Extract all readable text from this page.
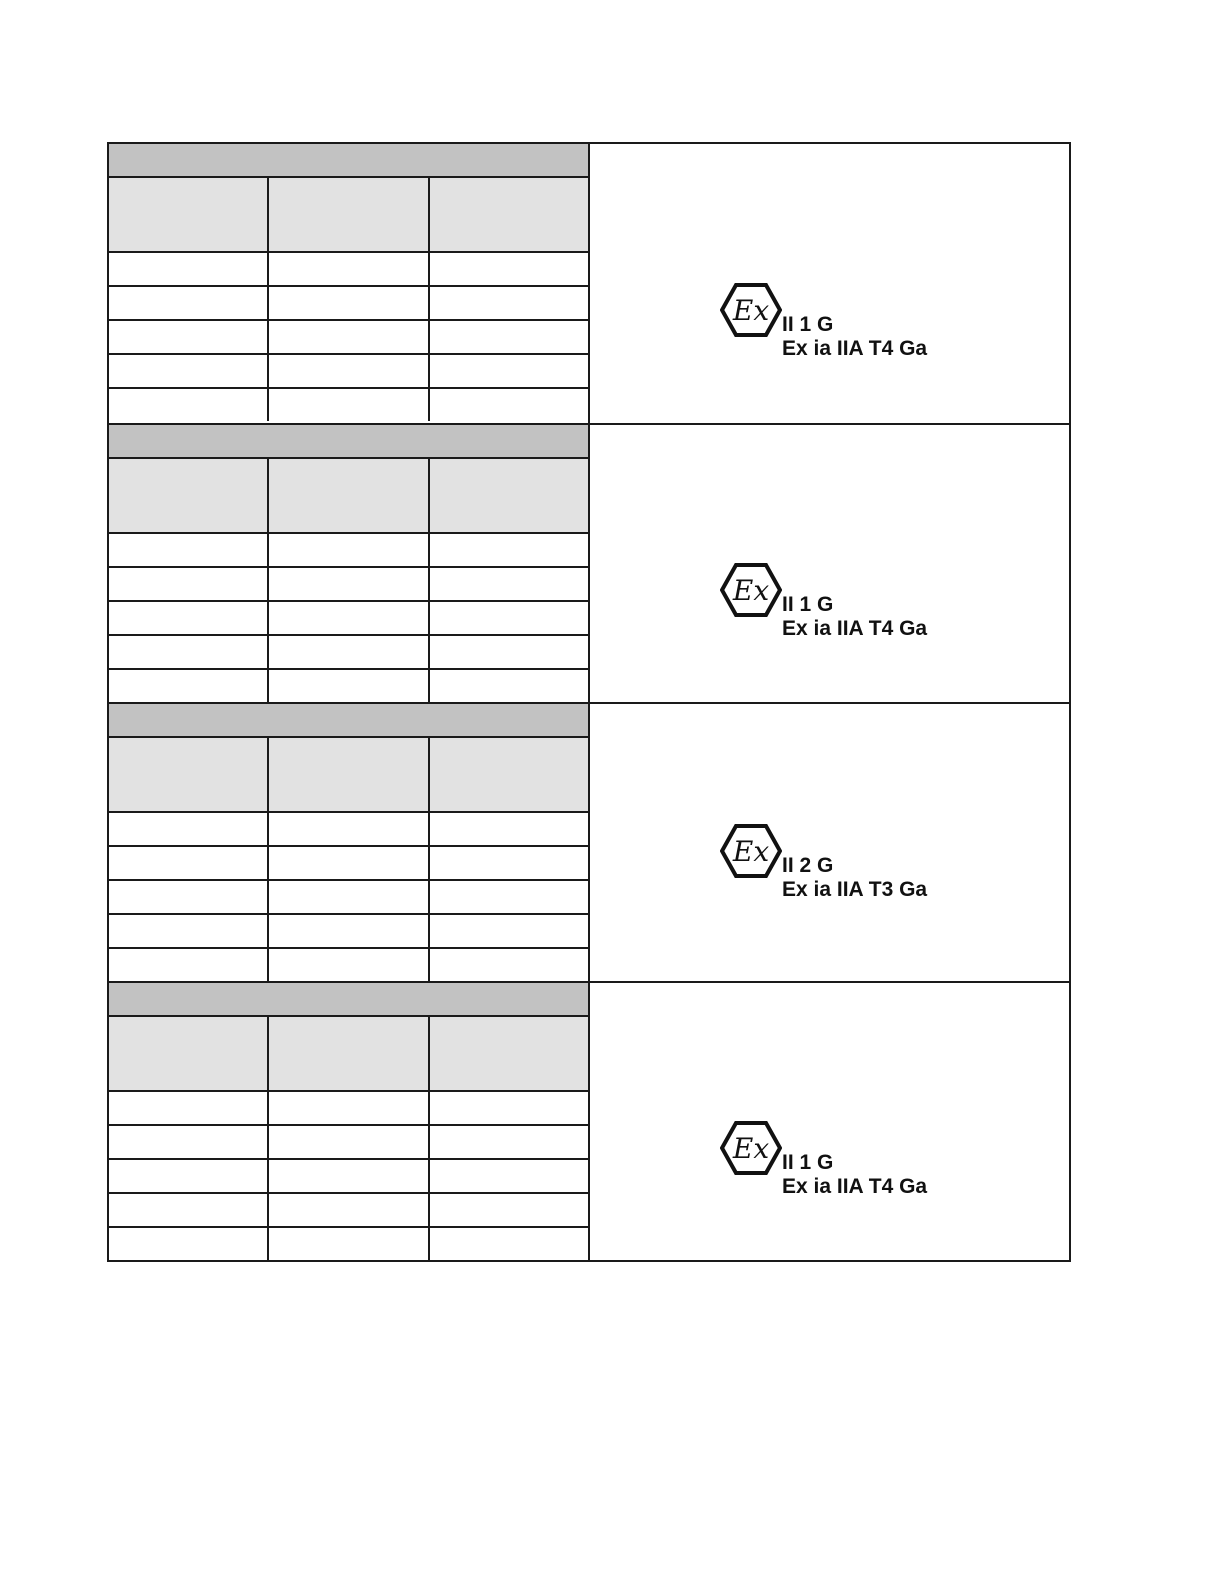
Ex II 1 G
Ex ia IIA T4 Ga
Ex II 1 G
Ex ia IIA T4 Ga
Ex II 2 G
Ex ia IIA T3 Ga
Ex II 1 G
Ex ia IIA T4 Ga
